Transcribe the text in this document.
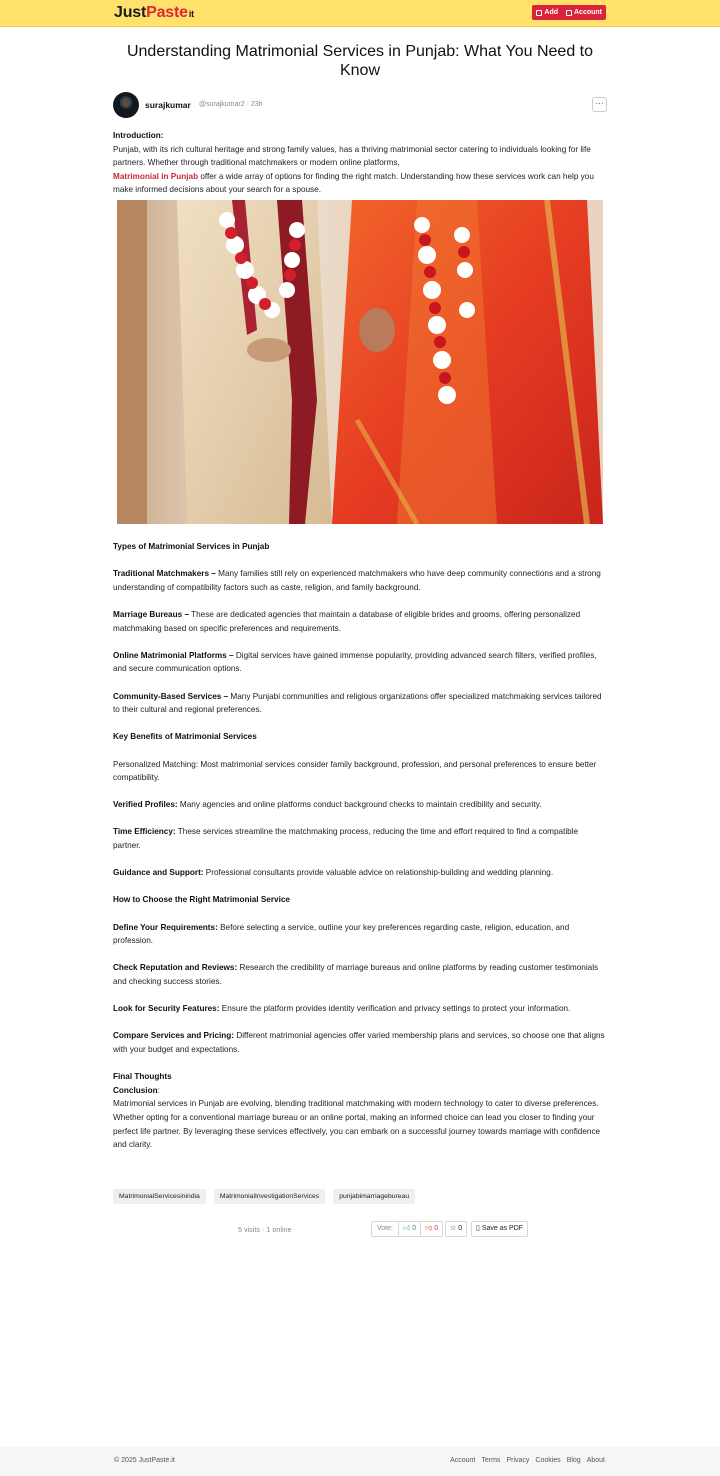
JustPasteit	Add Account
Understanding Matrimonial Services in Punjab: What You Need to Know
surajkumar @surajkumar2 · 23h	···
Introduction:
Punjab, with its rich cultural heritage and strong family values, has a thriving matrimonial sector catering to individuals looking for life partners. Whether through traditional matchmakers or modern online platforms,
Matrimonial in Punjab offer a wide array of options for finding the right match. Understanding how these services work can help you make informed decisions about your search for a spouse.

Types of Matrimonial Services in Punjab

Traditional Matchmakers – Many families still rely on experienced matchmakers who have deep community connections and a strong understanding of compatibility factors such as caste, religion, and family background.

Marriage Bureaus – These are dedicated agencies that maintain a database of eligible brides and grooms, offering personalized matchmaking based on specific preferences and requirements.

Online Matrimonial Platforms – Digital services have gained immense popularity, providing advanced search filters, verified profiles, and secure communication options.

Community-Based Services – Many Punjabi communities and religious organizations offer specialized matchmaking services tailored to their cultural and regional preferences.

Key Benefits of Matrimonial Services

Personalized Matching: Most matrimonial services consider family background, profession, and personal preferences to ensure better compatibility.

Verified Profiles: Many agencies and online platforms conduct background checks to maintain credibility and security.

Time Efficiency: These services streamline the matchmaking process, reducing the time and effort required to find a compatible partner.

Guidance and Support: Professional consultants provide valuable advice on relationship-building and wedding planning.

How to Choose the Right Matrimonial Service

Define Your Requirements: Before selecting a service, outline your key preferences regarding caste, religion, education, and profession.

Check Reputation and Reviews: Research the credibility of marriage bureaus and online platforms by reading customer testimonials and checking success stories.

Look for Security Features: Ensure the platform provides identity verification and privacy settings to protect your information.

Compare Services and Pricing: Different matrimonial agencies offer varied membership plans and services, so choose one that aligns with your budget and expectations.

Final Thoughts
Conclusion:
Matrimonial services in Punjab are evolving, blending traditional matchmaking with modern technology to cater to diverse preferences. Whether opting for a conventional marriage bureau or an online portal, making an informed choice can lead you closer to finding your perfect life partner. By leveraging these services effectively, you can embark on a successful journey towards marriage with confidence and clarity.

MatrimonialServicesinindia	MatrimonialInvestigationServices	punjabimarriagebureau
5 visits · 1 online	Vote:	👍︎ 0	👎︎ 0	☆ 0	▯ Save as PDF
© 2025 JustPaste.it	Account Terms Privacy Cookies Blog About
